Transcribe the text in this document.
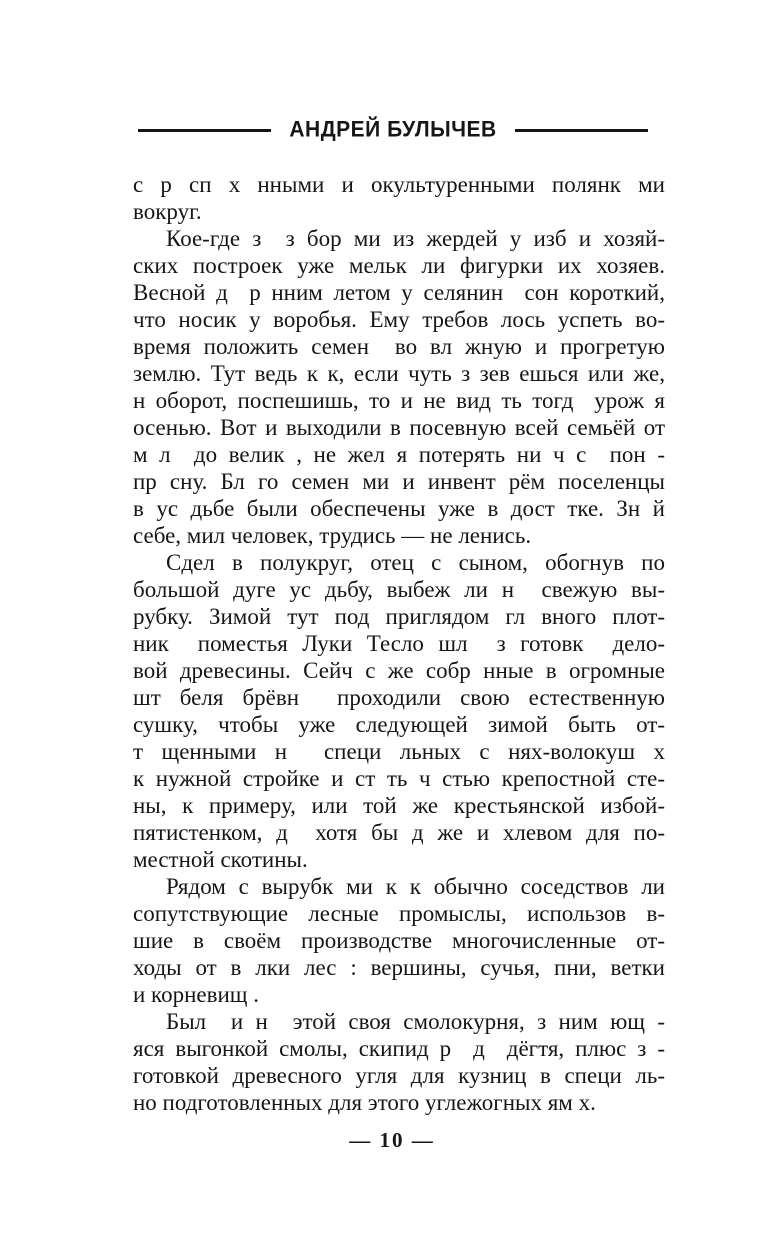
АНДРЕЙ БУЛЫЧЕВ
с р сп х нными и окультуренными полянк ми
вокруг.
Кое-где з  з бор ми из жердей у изб и хозяй-
ских построек уже мельк ли фигурки их хозяев.
Весной д  р нним летом у селянин  сон короткий,
что носик у воробья. Ему требов лось успеть во-
время положить семен  во вл жную и прогретую
землю. Тут ведь к к, если чуть з зев ешься или же,
н оборот, поспешишь, то и не вид ть тогд  урож я
осенью. Вот и выходили в посевную всей семьёй от
м л  до велик , не жел я потерять ни ч с  пон -
пр сну. Бл го семен ми и инвент рём поселенцы
в ус дьбе были обеспечены уже в дост тке. Зн й
себе, мил человек, трудись — не ленись.
Сдел в полукруг, отец с сыном, обогнув по
большой дуге ус дьбу, выбеж ли н  свежую вы-
рубку. Зимой тут под приглядом гл вного плот-
ник  поместья Луки Тесло шл  з готовк  дело-
вой древесины. Сейч с же собр нные в огромные
шт беля брёвн  проходили свою естественную
сушку, чтобы уже следующей зимой быть от-
т щенными н  специ льных с нях-волокуш х
к нужной стройке и ст ть ч стью крепостной сте-
ны, к примеру, или той же крестьянской избой-
пятистенком, д  хотя бы д же и хлевом для по-
местной скотины.
Рядом с вырубк ми к к обычно соседствов ли
сопутствующие лесные промыслы, использов в-
шие в своём производстве многочисленные от-
ходы от в лки лес : вершины, сучья, пни, ветки
и корневищ .
Был  и н  этой своя смолокурня, з ним ющ -
яся выгонкой смолы, скипид р  д  дёгтя, плюс з -
готовкой древесного угля для кузниц в специ ль-
но подготовленных для этого углежогных ям х.
— 10 —
